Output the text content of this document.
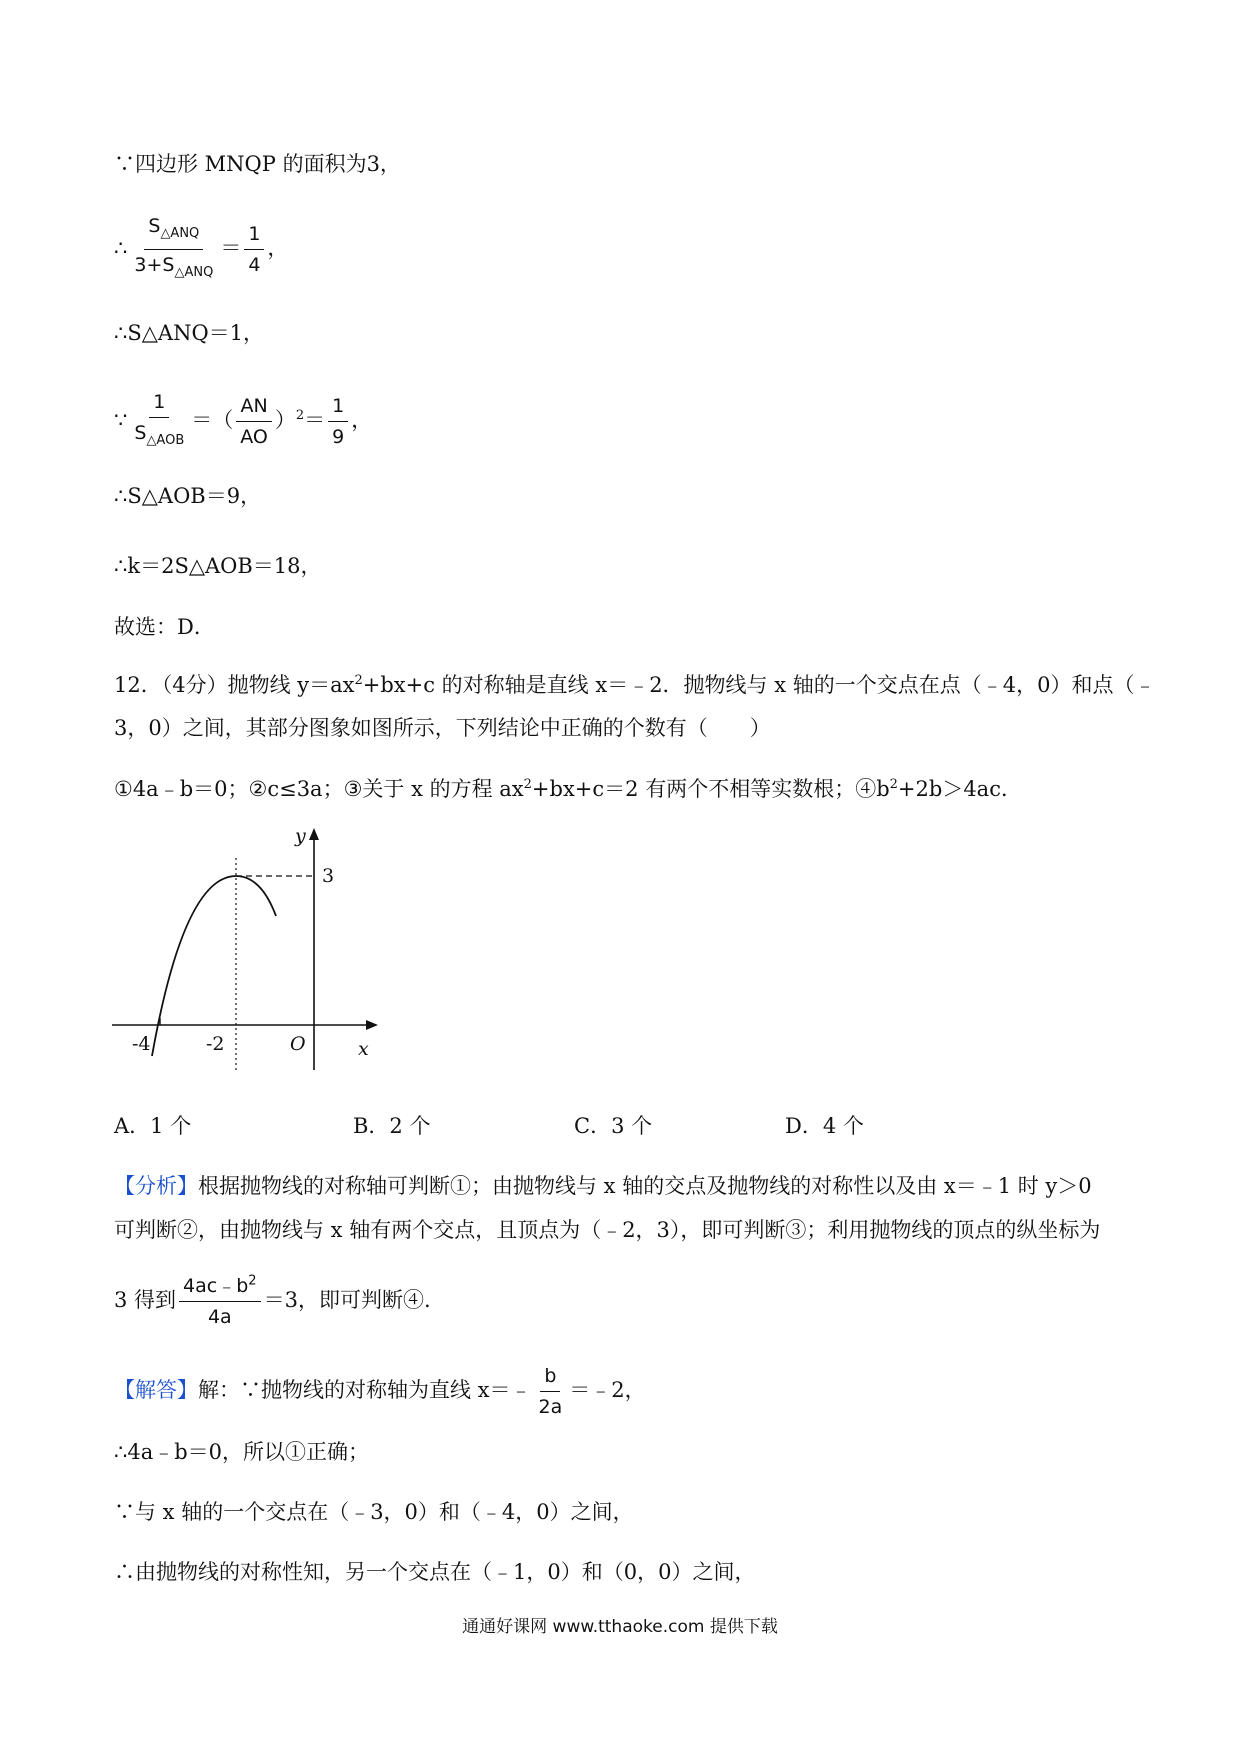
∵四边形 MNQP 的面积为3，
∴ $\frac{S_{\triangle ANQ}}{3+S_{\triangle ANQ}} = \frac{1}{4}$ ，
∴S△ANQ＝1，
∵ $\frac{1}{S_{\triangle AOB}}$ ＝（ $\frac{AN}{AO} )^2= \frac{1}{9}$ ，
∴S△AOB＝9，
∴k＝2S△AOB＝18，
故选：D．
12．（4分）抛物线 $y=ax^2+bx+c$ 的对称轴是直线 x＝﹣2．抛物线与 x 轴的一个交点在点（﹣4，0）和点（﹣
3，0）之间，其部分图象如图所示，下列结论中正确的个数有（　　）
①4a﹣b＝0；②c≤3a；③关于 x 的方程 $ax^2+bx+c=2$ 有两个不相等实数根；$④b^2+2b>4ac$．
y
3
x
O
-4	-2
A．1 个	B．2 个	C．3 个	D．4 个
【分析】根据抛物线的对称轴可判断①；由抛物线与 x 轴的交点及抛物线的对称性以及由 x＝﹣1 时 y＞0
可判断②，由抛物线与 x 轴有两个交点，且顶点为（﹣2，3），即可判断③；利用抛物线的顶点的纵坐标为
3 得到 $\frac{4ac﹣b^2}{4a} =3$，即可判断④.
【解答】解：∵抛物线的对称轴为直线 x＝﹣ $\frac{b}{2a}$ ＝﹣2，
∴4a﹣b＝0，所以①正确；
∵与 x 轴的一个交点在（﹣3，0）和（﹣4，0）之间，
∴由抛物线的对称性知，另一个交点在（﹣1，0）和（0，0）之间，
通通好课网 www.tthaoke.com 提供下载
